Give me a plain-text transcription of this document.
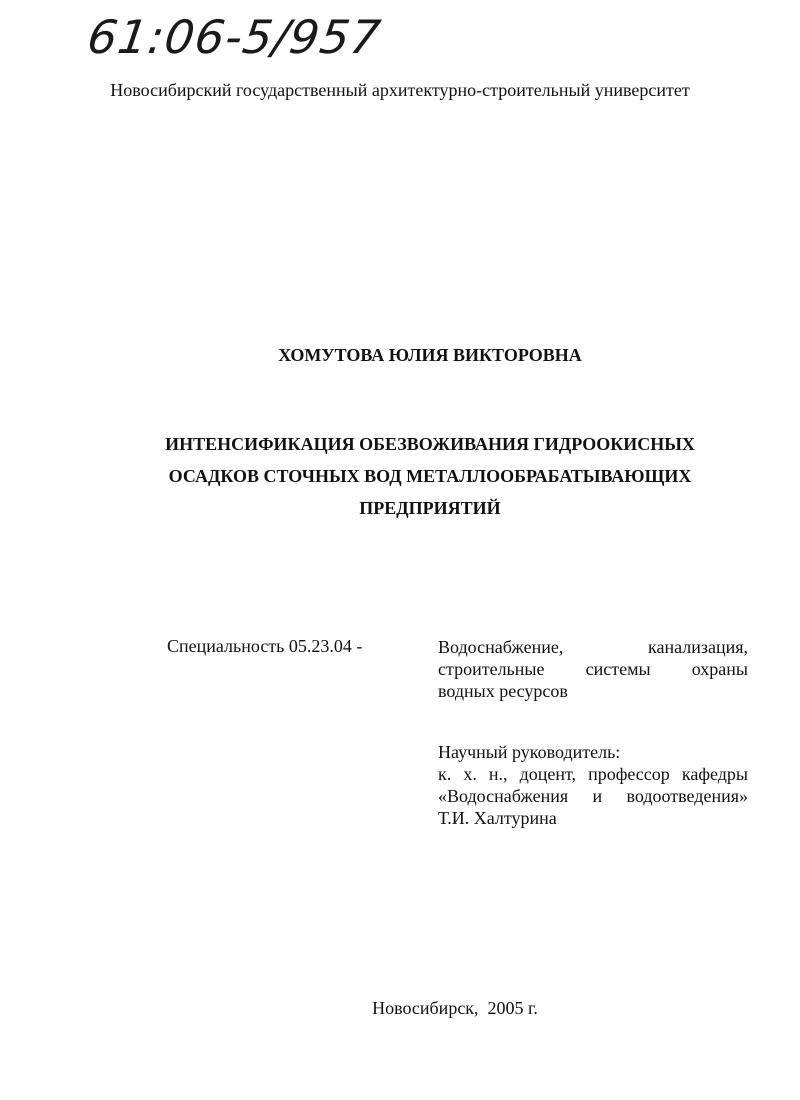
61:06-5/957
Новосибирский государственный архитектурно-строительный университет
ХОМУТОВА ЮЛИЯ ВИКТОРОВНА
ИНТЕНСИФИКАЦИЯ ОБЕЗВОЖИВАНИЯ ГИДРООКИСНЫХ
ОСАДКОВ СТОЧНЫХ ВОД МЕТАЛЛООБРАБАТЫВАЮЩИХ
ПРЕДПРИЯТИЙ
Специальность 05.23.04 -	Водоснабжение, канализация,
строительные системы охраны
водных ресурсов
Научный руководитель:
к. х. н., доцент, профессор кафедры
«Водоснабжения и водоотведения»
Т.И. Халтурина
Новосибирск,  2005 г.
